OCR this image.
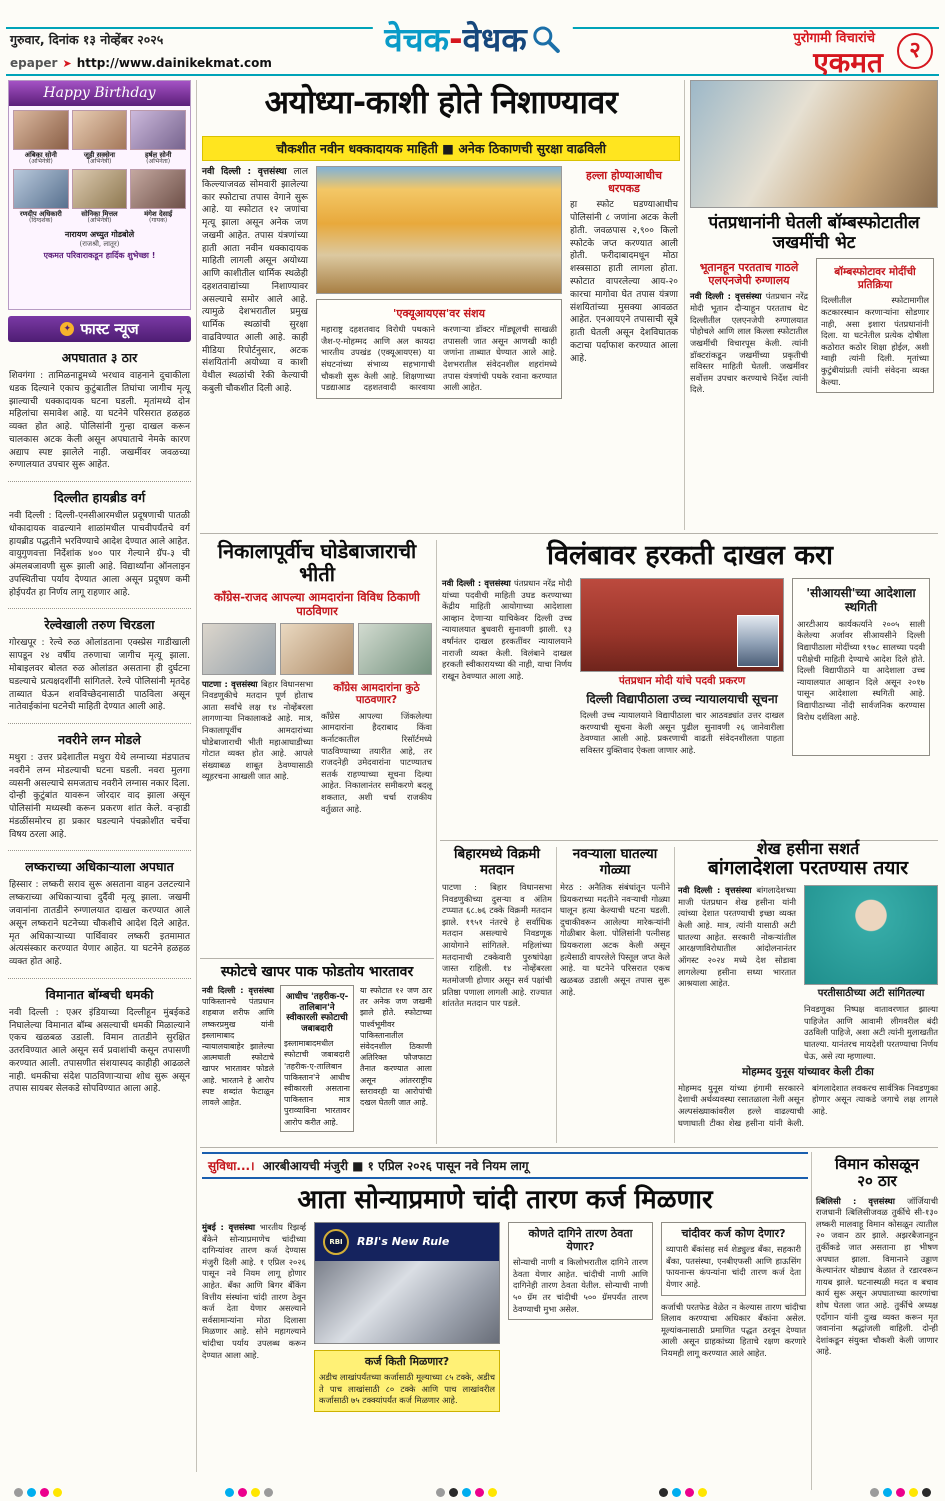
गुरुवार, दिनांक १३ नोव्हेंबर २०२५
epaper ➤ http://www.dainikekmat.com
वेचक - वेधक	पुरोगामी विचारांचे
एकमत	२
Happy Birthday
अंबिका सोनी
(अभिनेत्री)
जूही सक्सेना
(अभिनेत्री)
हर्षल सोनी
(अभिनेता)
रणदीप अधिकारी
(दिग्दर्शक)
सोनिका मित्तल
(अभिनेत्री)
मंगेश देसाई
(गायक)
नारायण अच्युत गोडबोले
(राजश्री, लातूर)
एकमत परिवाराकडून हार्दिक शुभेच्छा !
✦ फास्ट न्यूज
अपघातात ३ ठार
शिवगंगा : तामिळनाडूमध्ये भरधाव वाहनाने दुचाकीला धडक दिल्याने एकाच कुटुंबातील तिघांचा जागीच मृत्यू झाल्याची धक्कादायक घटना घडली. मृतांमध्ये दोन महिलांचा समावेश आहे. या घटनेने परिसरात हळहळ व्यक्त होत आहे. पोलिसांनी गुन्हा दाखल करून चालकास अटक केली असून अपघाताचे नेमके कारण अद्याप स्पष्ट झालेले नाही. जखमींवर जवळच्या रुग्णालयात उपचार सुरू आहेत.
दिल्लीत हायब्रीड वर्ग
नवी दिल्ली : दिल्ली-एनसीआरमधील प्रदूषणाची पातळी धोकादायक वाढल्याने शाळांमधील पाचवीपर्यंतचे वर्ग हायब्रीड पद्धतीने भरविण्याचे आदेश देण्यात आले आहेत. वायुगुणवत्ता निर्देशांक ४०० पार गेल्याने ग्रॅप-३ ची अंमलबजावणी सुरू झाली आहे. विद्यार्थ्यांना ऑनलाइन उपस्थितीचा पर्याय देण्यात आला असून प्रदूषण कमी होईपर्यंत हा निर्णय लागू राहणार आहे.
रेल्वेखाली तरुण चिरडला
गोरखपूर : रेल्वे रुळ ओलांडताना एक्स्प्रेस गाडीखाली सापडून २४ वर्षीय तरुणाचा जागीच मृत्यू झाला. मोबाइलवर बोलत रुळ ओलांडत असताना ही दुर्घटना घडल्याचे प्रत्यक्षदर्शींनी सांगितले. रेल्वे पोलिसांनी मृतदेह ताब्यात घेऊन शवविच्छेदनासाठी पाठविला असून नातेवाईकांना घटनेची माहिती देण्यात आली आहे.
नवरीने लग्न मोडले
मथुरा : उत्तर प्रदेशातील मथुरा येथे लग्नाच्या मंडपातच नवरीने लग्न मोडल्याची घटना घडली. नवरा मुलगा व्यसनी असल्याचे समजताच नवरीने लग्नास नकार दिला. दोन्ही कुटुंबांत यावरून जोरदार वाद झाला असून पोलिसांनी मध्यस्थी करून प्रकरण शांत केले. वऱ्हाडी मंडळींसमोरच हा प्रकार घडल्याने पंचक्रोशीत चर्चेचा विषय ठरला आहे.
लष्कराच्या अधिकाऱ्याला अपघात
हिस्सार : लष्करी सराव सुरू असताना वाहन उलटल्याने लष्कराच्या अधिकाऱ्याचा दुर्दैवी मृत्यू झाला. जखमी जवानांना तातडीने रुग्णालयात दाखल करण्यात आले असून लष्कराने घटनेच्या चौकशीचे आदेश दिले आहेत. मृत अधिकाऱ्याच्या पार्थिवावर लष्करी इतमामात अंत्यसंस्कार करण्यात येणार आहेत. या घटनेने हळहळ व्यक्त होत आहे.
विमानात बॉम्बची धमकी
नवी दिल्ली : एअर इंडियाच्या दिल्लीहून मुंबईकडे निघालेल्या विमानात बॉम्ब असल्याची धमकी मिळाल्याने एकच खळबळ उडाली. विमान तातडीने सुरक्षित उतरविण्यात आले असून सर्व प्रवाशांची कसून तपासणी करण्यात आली. तपासणीत संशयास्पद काहीही आढळले नाही. धमकीचा संदेश पाठविणाऱ्याचा शोध सुरू असून तपास सायबर सेलकडे सोपविण्यात आला आहे.
अयोध्या-काशी होते निशाण्यावर
चौकशीत नवीन धक्कादायक माहिती ■ अनेक ठिकाणची सुरक्षा वाढविली

नवी दिल्ली : वृत्तसंस्था लाल किल्ल्याजवळ सोमवारी झालेल्या कार स्फोटाचा तपास वेगाने सुरू आहे. या स्फोटात १२ जणांचा मृत्यू झाला असून अनेक जण जखमी आहेत. तपास यंत्रणांच्या हाती आता नवीन धक्कादायक माहिती लागली असून अयोध्या आणि काशीतील धार्मिक स्थळेही दहशतवाद्यांच्या निशाण्यावर असल्याचे समोर आले आहे. त्यामुळे देशभरातील प्रमुख धार्मिक स्थळांची सुरक्षा वाढविण्यात आली आहे. काही मीडिया रिपोर्टनुसार, अटक संशयितांनी अयोध्या व काशी येथील स्थळांची रेकी केल्याची कबुली चौकशीत दिली आहे.

'एक्यूआयएस'वर संशय
महाराष्ट्र दहशतवाद विरोधी पथकाने जैश-ए-मोहम्मद आणि अल कायदा भारतीय उपखंड (एक्यूआयएस) या संघटनांच्या संभाव्य सहभागाची चौकशी सुरू केली आहे. शिक्षणाच्या पडद्याआड दहशतवादी कारवाया करणाऱ्या डॉक्टर मॉड्यूलची साखळी तपासली जात असून आणखी काही जणांना ताब्यात घेण्यात आले आहे. देशभरातील संवेदनशील शहरांमध्ये तपास यंत्रणांची पथके रवाना करण्यात आली आहेत.
हल्ला होण्याआधीच धरपकड

हा स्फोट घडण्याआधीच पोलिसांनी ८ जणांना अटक केली होती. जवळपास २,९०० किलो स्फोटके जप्त करण्यात आली होती. फरीदाबादमधून मोठा शस्त्रसाठा हाती लागला होता. स्फोटात वापरलेल्या आय-२० कारचा मागोवा घेत तपास यंत्रणा संशयितांच्या मुसक्या आवळत आहेत. एनआयएने तपासाची सूत्रे हाती घेतली असून देशविघातक कटाचा पर्दाफाश करण्यात आला आहे.

पंतप्रधानांनी घेतली बॉम्बस्फोटातील जखमींची भेट
भूतानहून परतताच गाठले एलएनजेपी रुग्णालय

नवी दिल्ली : वृत्तसंस्था पंतप्रधान नरेंद्र मोदी भूतान दौऱ्याहून परतताच थेट दिल्लीतील एलएनजेपी रुग्णालयात पोहोचले आणि लाल किल्ला स्फोटातील जखमींची विचारपूस केली. त्यांनी डॉक्टरांकडून जखमींच्या प्रकृतीची सविस्तर माहिती घेतली. जखमींवर सर्वोत्तम उपचार करण्याचे निर्देश त्यांनी दिले.

बॉम्बस्फोटावर मोदींची प्रतिक्रिया

दिल्लीतील स्फोटामागील कटकारस्थान करणाऱ्यांना सोडणार नाही, असा इशारा पंतप्रधानांनी दिला. या घटनेतील प्रत्येक दोषीला कठोरात कठोर शिक्षा होईल, अशी ग्वाही त्यांनी दिली. मृतांच्या कुटुंबीयांप्रती त्यांनी संवेदना व्यक्त केल्या.

निकालापूर्वीच घोडेबाजाराची भीती
काँग्रेस-राजद आपल्या आमदारांना विविध ठिकाणी पाठविणार

पाटणा : वृत्तसंस्था बिहार विधानसभा निवडणुकीचे मतदान पूर्ण होताच आता सर्वांचे लक्ष १४ नोव्हेंबरला लागणाऱ्या निकालाकडे आहे. मात्र, निकालापूर्वीच आमदारांच्या घोडेबाजाराची भीती महाआघाडीच्या गोटात व्यक्त होत आहे. आपले संख्याबळ शाबूत ठेवण्यासाठी व्यूहरचना आखली जात आहे.

काँग्रेस आमदारांना कुठे पाठवणार?

काँग्रेस आपल्या जिंकलेल्या आमदारांना हैदराबाद किंवा कर्नाटकातील रिसॉर्टमध्ये पाठविण्याच्या तयारीत आहे, तर राजदनेही उमेदवारांना पाटण्यातच सतर्क राहण्याच्या सूचना दिल्या आहेत. निकालानंतर समीकरणे बदलू शकतात, अशी चर्चा राजकीय वर्तुळात आहे.

विलंबावर हरकती दाखल करा

नवी दिल्ली : वृत्तसंस्था पंतप्रधान नरेंद्र मोदी यांच्या पदवीची माहिती उघड करण्याच्या केंद्रीय माहिती आयोगाच्या आदेशाला आव्हान देणाऱ्या याचिकेवर दिल्ली उच्च न्यायालयात बुधवारी सुनावणी झाली. १३ वर्षांनंतर दाखल हरकतींवर न्यायालयाने नाराजी व्यक्त केली. विलंबाने दाखल हरकती स्वीकारायच्या की नाही, याचा निर्णय राखून ठेवण्यात आला आहे.	पंतप्रधान मोदी यांचे पदवी प्रकरण
दिल्ली विद्यापीठाला उच्च न्यायालयाची सूचना

दिल्ली उच्च न्यायालयाने विद्यापीठाला चार आठवड्यांत उत्तर दाखल करण्याची सूचना केली असून पुढील सुनावणी २६ जानेवारीला ठेवण्यात आली आहे. प्रकरणाची वाढती संवेदनशीलता पाहता सविस्तर युक्तिवाद ऐकला जाणार आहे.

'सीआयसी'च्या आदेशाला स्थगिती

आरटीआय कार्यकर्त्याने २००५ साली केलेल्या अर्जावर सीआयसीने दिल्ली विद्यापीठाला मोदींच्या १९७८ सालच्या पदवी परीक्षेची माहिती देण्याचे आदेश दिले होते. दिल्ली विद्यापीठाने या आदेशाला उच्च न्यायालयात आव्हान दिले असून २०१७ पासून आदेशाला स्थगिती आहे. विद्यापीठाच्या नोंदी सार्वजनिक करण्यास विरोध दर्शविला आहे.

बिहारमध्ये विक्रमी मतदान

पाटणा : बिहार विधानसभा निवडणुकीच्या दुसऱ्या व अंतिम टप्प्यात ६८.७६ टक्के विक्रमी मतदान झाले. १९५१ नंतरचे हे सर्वाधिक मतदान असल्याचे निवडणूक आयोगाने सांगितले. महिलांच्या मतदानाची टक्केवारी पुरुषांपेक्षा जास्त राहिली. १४ नोव्हेंबरला मतमोजणी होणार असून सर्व पक्षांची प्रतिष्ठा पणाला लागली आहे. राज्यात शांततेत मतदान पार पडले.

नवऱ्याला घातल्या गोळ्या

मेरठ : अनैतिक संबंधांतून पत्नीने प्रियकराच्या मदतीने नवऱ्याची गोळ्या घालून हत्या केल्याची घटना घडली. दुचाकीवरून आलेल्या मारेकऱ्यांनी गोळीबार केला. पोलिसांनी पत्नीसह प्रियकराला अटक केली असून हत्येसाठी वापरलेले पिस्तूल जप्त केले आहे. या घटनेने परिसरात एकच खळबळ उडाली असून तपास सुरू आहे.

शेख हसीना सशर्त
बांगलादेशला परतण्यास तयार

नवी दिल्ली : वृत्तसंस्था बांगलादेशच्या माजी पंतप्रधान शेख हसीना यांनी त्यांच्या देशात परतण्याची इच्छा व्यक्त केली आहे. मात्र, त्यांनी यासाठी अटी घातल्या आहेत. सरकारी नोकऱ्यांतील आरक्षणाविरोधातील आंदोलनानंतर ऑगस्ट २०२४ मध्ये देश सोडावा लागलेल्या हसीना सध्या भारतात आश्रयाला आहेत.

परतीसाठीच्या अटी सांगितल्या

निवडणुका निष्पक्ष वातावरणात झाल्या पाहिजेत आणि आवामी लीगवरील बंदी उठविली पाहिजे, अशा अटी त्यांनी मुलाखतीत घातल्या. यानंतरच मायदेशी परतण्याचा निर्णय घेऊ, असे त्या म्हणाल्या.

मोहम्मद युनूस यांच्यावर केली टीका

मोहम्मद युनूस यांच्या हंगामी सरकारने देशाची अर्थव्यवस्था रसातळाला नेली असून अल्पसंख्याकांवरील हल्ले वाढल्याची घणाघाती टीका शेख हसीना यांनी केली. बांगलादेशात लवकरच सार्वत्रिक निवडणुका होणार असून त्याकडे जगाचे लक्ष लागले आहे.

स्फोटचे खापर पाक फोडतोय भारतावर

नवी दिल्ली : वृत्तसंस्थापाकिस्तानचे पंतप्रधान शहबाज शरीफ आणि लष्करप्रमुख यांनी इस्लामाबाद न्यायालयाबाहेर झालेल्या आत्मघाती स्फोटाचे खापर भारतावर फोडले आहे. भारताने हे आरोप स्पष्ट शब्दांत फेटाळून लावले आहेत.

आधीच 'तहरीक-ए-तालिबान'ने स्वीकारली स्फोटाची जबाबदारी

इस्लामाबादमधील स्फोटाची जबाबदारी 'तहरीक-ए-तालिबान पाकिस्तान'ने आधीच स्वीकारली असताना पाकिस्तान मात्र पुराव्याविना भारतावर आरोप करीत आहे.

या स्फोटात १२ जण ठार तर अनेक जण जखमी झाले होते. स्फोटाच्या पार्श्वभूमीवर पाकिस्तानातील संवेदनशील ठिकाणी अतिरिक्त फौजफाटा तैनात करण्यात आला असून आंतरराष्ट्रीय स्तरावरही या आरोपांची दखल घेतली जात आहे.

सुविधा...। आरबीआयची मंजुरी ■ १ एप्रिल २०२६ पासून नवे नियम लागू
आता सोन्याप्रमाणे चांदी तारण कर्ज मिळणार

मुंबई : वृत्तसंस्था भारतीय रिझर्व्ह बँकेने सोन्याप्रमाणेच चांदीच्या दागिन्यांवर तारण कर्ज देण्यास मंजुरी दिली आहे. १ एप्रिल २०२६ पासून नवे नियम लागू होणार आहेत. बँका आणि बिगर बँकिंग वित्तीय संस्थांना चांदी तारण ठेवून कर्ज देता येणार असल्याने सर्वसामान्यांना मोठा दिलासा मिळणार आहे. सोने महागल्याने चांदीचा पर्याय उपलब्ध करून देण्यात आला आहे.

RBI	RBI's New Rule
कर्ज किती मिळणार?

अडीच लाखांपर्यंतच्या कर्जासाठी मूल्याच्या ८५ टक्के, अडीच ते पाच लाखांसाठी ८० टक्के आणि पाच लाखांवरील कर्जासाठी ७५ टक्क्यांपर्यंत कर्ज मिळणार आहे.

कोणते दागिने तारण ठेवता येणार?

सोन्याची नाणी व किलोभरातील दागिने तारण ठेवता येणार आहेत. चांदीची नाणी आणि दागिनेही तारण ठेवता येतील. सोन्याची नाणी ५० ग्रॅम तर चांदीची ५०० ग्रॅमपर्यंत तारण ठेवण्याची मुभा असेल.

चांदीवर कर्ज कोण देणार?

व्यापारी बँकांसह सर्व शेड्युल्ड बँका, सहकारी बँका, पतसंस्था, एनबीएफसी आणि हाऊसिंग फायनान्स कंपन्यांना चांदी तारण कर्ज देता येणार आहे.

कर्जाची परतफेड वेळेत न केल्यास तारण चांदीचा लिलाव करण्याचा अधिकार बँकांना असेल. मूल्यांकनासाठी प्रमाणित पद्धत ठरवून देण्यात आली असून ग्राहकांच्या हिताचे रक्षण करणारे नियमही लागू करण्यात आले आहेत.

विमान कोसळून
२० ठार

त्बिलिसी : वृत्तसंस्था जॉर्जियाची राजधानी त्बिलिसीजवळ तुर्कीचे सी-१३० लष्करी मालवाहू विमान कोसळून त्यातील २० जवान ठार झाले. अझरबैजानहून तुर्कीकडे जात असताना हा भीषण अपघात झाला. विमानाने उड्डाण केल्यानंतर थोड्याच वेळात ते रडारवरून गायब झाले. घटनास्थळी मदत व बचाव कार्य सुरू असून अपघाताच्या कारणांचा शोध घेतला जात आहे. तुर्कीचे अध्यक्ष एर्दोगान यांनी दुःख व्यक्त करून मृत जवानांना श्रद्धांजली वाहिली. दोन्ही देशांकडून संयुक्त चौकशी केली जाणार आहे.
